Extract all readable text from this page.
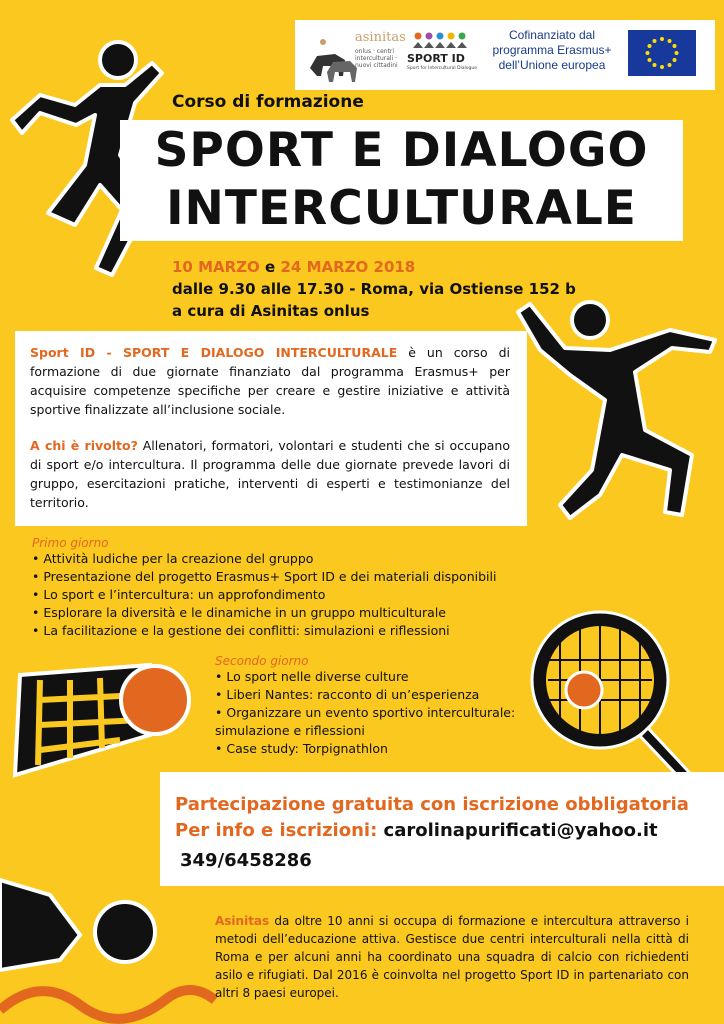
asinitas
onlus · centri interculturali · nuovi cittadini
SPORT ID
Sport for Intercultural Dialogue
Cofinanziato dal
programma Erasmus+
dell’Unione europea
Corso di formazione
SPORT E DIALOGO
INTERCULTURALE
10 MARZO e 24 MARZO 2018
dalle 9.30 alle 17.30 - Roma, via Ostiense 152 b
a cura di Asinitas onlus

Sport ID - SPORT E DIALOGO INTERCULTURALE è un corso di formazione di due giornate finanziato dal programma Erasmus+ per acquisire competenze specifiche per creare e gestire iniziative e attività sportive finalizzate all’inclusione sociale.

A chi è rivolto? Allenatori, formatori, volontari e studenti che si occupano di sport e/o intercultura. Il programma delle due giornate prevede lavori di gruppo, esercitazioni pratiche, interventi di esperti e testimonianze del territorio.

Primo giorno
• Attività ludiche per la creazione del gruppo
• Presentazione del progetto Erasmus+ Sport ID e dei materiali disponibili
• Lo sport e l’intercultura: un approfondimento
• Esplorare la diversità e le dinamiche in un gruppo multiculturale
• La facilitazione e la gestione dei conflitti: simulazioni e riflessioni
Secondo giorno
• Lo sport nelle diverse culture
• Liberi Nantes: racconto di un’esperienza
• Organizzare un evento sportivo interculturale:
simulazione e riflessioni
• Case study: Torpignathlon
Partecipazione gratuita con iscrizione obbligatoria
Per info e iscrizioni: carolinapurificati@yahoo.it
349/6458286
Asinitas da oltre 10 anni si occupa di formazione e intercultura attraverso i metodi dell’educazione attiva. Gestisce due centri interculturali nella città di Roma e per alcuni anni ha coordinato una squadra di calcio con richiedenti asilo e rifugiati. Dal 2016 è coinvolta nel progetto Sport ID in partenariato con altri 8 paesi europei.
